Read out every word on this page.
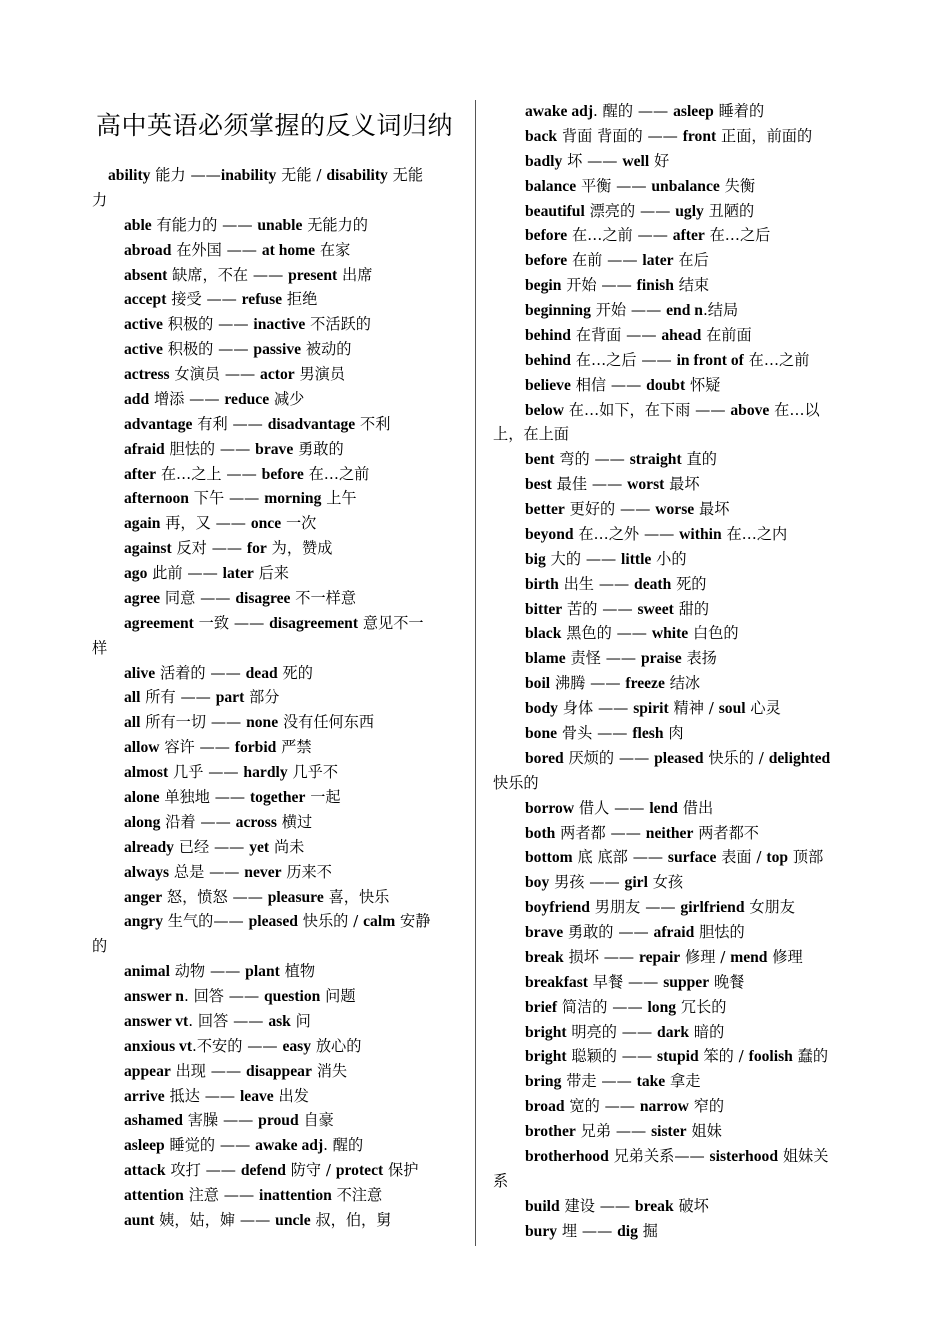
高中英语必须掌握的反义词归纳
ability 能力 ——inability 无能 / disability 无能
力
able 有能力的 —— unable 无能力的
abroad 在外国 —— at home 在家
absent 缺席，不在 —— present 出席
accept 接受 —— refuse 拒绝
active 积极的 —— inactive 不活跃的
active 积极的 —— passive 被动的
actress 女演员 —— actor 男演员
add 增添 —— reduce 减少
advantage 有利 —— disadvantage 不利
afraid 胆怯的 —— brave 勇敢的
after 在…之上 —— before 在…之前
afternoon 下午 —— morning 上午
again 再，又 —— once 一次
against 反对 —— for 为，赞成
ago 此前 —— later 后来
agree 同意 —— disagree 不一样意
agreement 一致 —— disagreement 意见不一
样
alive 活着的 —— dead 死的
all 所有 —— part 部分
all 所有一切 —— none 没有任何东西
allow 容许 —— forbid 严禁
almost 几乎 —— hardly 几乎不
alone 单独地 —— together 一起
along 沿着 —— across 横过
already 已经 —— yet 尚未
always 总是 —— never 历来不
anger 怒，愤怒 —— pleasure 喜，快乐
angry 生气的—— pleased 快乐的 / calm 安静
的
animal 动物 —— plant 植物
answer n. 回答 —— question 问题
answer vt. 回答 —— ask 问
anxious vt.不安的 —— easy 放心的
appear 出现 —— disappear 消失
arrive 抵达 —— leave 出发
ashamed 害臊 —— proud 自豪
asleep 睡觉的 —— awake adj. 醒的
attack 攻打 —— defend 防守 / protect 保护
attention 注意 —— inattention 不注意
aunt 姨，姑，婶 —— uncle 叔，伯，舅
awake adj. 醒的 —— asleep 睡着的
back 背面 背面的 —— front 正面，前面的
badly 坏 —— well 好
balance 平衡 —— unbalance 失衡
beautiful 漂亮的 —— ugly 丑陋的
before 在…之前 —— after 在…之后
before 在前 —— later 在后
begin 开始 —— finish 结束
beginning 开始 —— end n.结局
behind 在背面 —— ahead 在前面
behind 在…之后 —— in front of 在…之前
believe 相信 —— doubt 怀疑
below 在…如下，在下雨 —— above 在…以
上，在上面
bent 弯的 —— straight 直的
best 最佳 —— worst 最坏
better 更好的 —— worse 最坏
beyond 在…之外 —— within 在…之内
big 大的 —— little 小的
birth 出生 —— death 死的
bitter 苦的 —— sweet 甜的
black 黑色的 —— white 白色的
blame 责怪 —— praise 表扬
boil 沸腾 —— freeze 结冰
body 身体 —— spirit 精神 / soul 心灵
bone 骨头 —— flesh 肉
bored 厌烦的 —— pleased 快乐的 / delighted
快乐的
borrow 借人 —— lend 借出
both 两者都 —— neither 两者都不
bottom 底 底部 —— surface 表面 / top 顶部
boy 男孩 —— girl 女孩
boyfriend 男朋友 —— girlfriend 女朋友
brave 勇敢的 —— afraid 胆怯的
break 损坏 —— repair 修理 / mend 修理
breakfast 早餐 —— supper 晚餐
brief 简洁的 —— long 冗长的
bright 明亮的 —— dark 暗的
bright 聪颖的 —— stupid 笨的 / foolish 蠢的
bring 带走 —— take 拿走
broad 宽的 —— narrow 窄的
brother 兄弟 —— sister 姐妹
brotherhood 兄弟关系—— sisterhood 姐妹关
系
build 建设 —— break 破坏
bury 埋 —— dig 掘
